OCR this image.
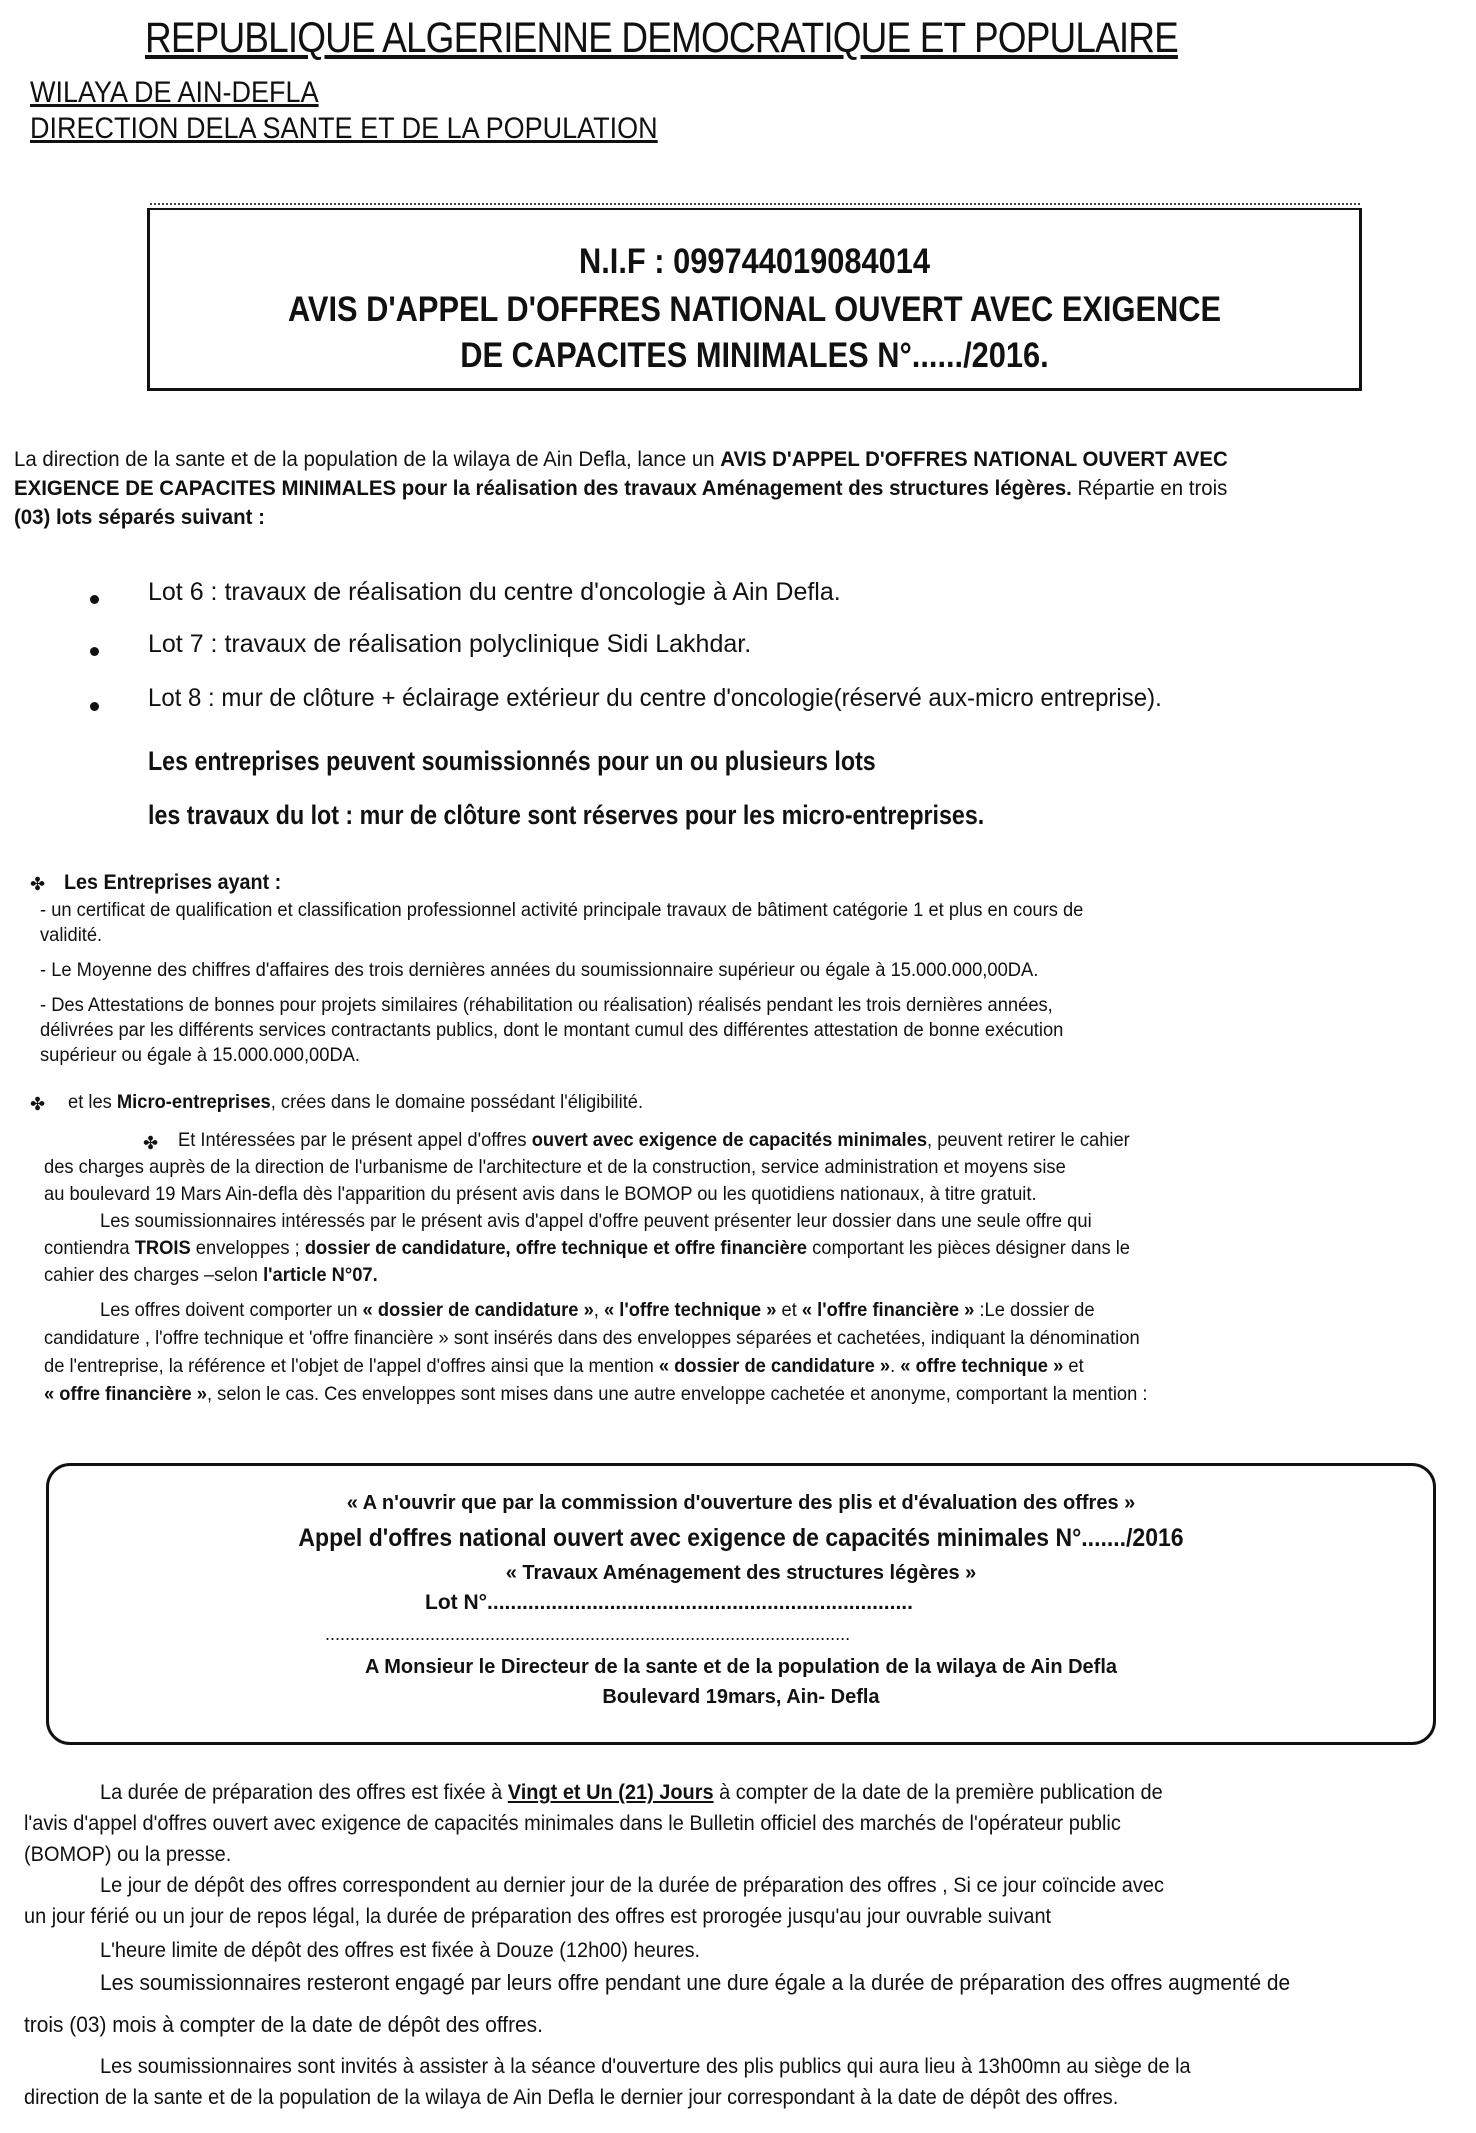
REPUBLIQUE ALGERIENNE DEMOCRATIQUE ET POPULAIRE
WILAYA DE AIN-DEFLA
DIRECTION DELA SANTE ET DE LA POPULATION
N.I.F : 099744019084014
AVIS D'APPEL D'OFFRES NATIONAL OUVERT AVEC EXIGENCE
DE CAPACITES MINIMALES N°....../2016.
La direction de la sante et de la population de la wilaya de Ain Defla, lance un AVIS D'APPEL D'OFFRES NATIONAL OUVERT AVEC
EXIGENCE DE CAPACITES MINIMALES pour la réalisation des travaux Aménagement des structures légères. Répartie en trois
(03) lots séparés suivant :
Lot 6 : travaux de réalisation du centre d'oncologie à Ain Defla.
Lot 7 : travaux de réalisation polyclinique Sidi Lakhdar.
Lot 8 : mur de clôture + éclairage extérieur du centre d'oncologie(réservé aux-micro entreprise).
Les entreprises peuvent soumissionnés pour un ou plusieurs lots
les travaux du lot : mur de clôture sont réserves pour les micro-entreprises.
✤ Les Entreprises ayant :
- un certificat de qualification et classification professionnel activité principale travaux de bâtiment catégorie 1 et plus en cours de
validité.
- Le Moyenne des chiffres d'affaires des trois dernières années du soumissionnaire supérieur ou égale à 15.000.000,00DA.
- Des Attestations de bonnes pour projets similaires (réhabilitation ou réalisation) réalisés pendant les trois dernières années,
délivrées par les différents services contractants publics, dont le montant cumul des différentes attestation de bonne exécution
supérieur ou égale à 15.000.000,00DA.
✤ et les Micro-entreprises, crées dans le domaine possédant l'éligibilité.
✤ Et Intéressées par le présent appel d'offres ouvert avec exigence de capacités minimales, peuvent retirer le cahier
des charges auprès de la direction de l'urbanisme de l'architecture et de la construction, service administration et moyens sise
au boulevard 19 Mars Ain-defla dès l'apparition du présent avis dans le BOMOP ou les quotidiens nationaux, à titre gratuit.
Les soumissionnaires intéressés par le présent avis d'appel d'offre peuvent présenter leur dossier dans une seule offre qui
contiendra TROIS enveloppes ; dossier de candidature, offre technique et offre financière comportant les pièces désigner dans le
cahier des charges –selon l'article N°07.
Les offres doivent comporter un « dossier de candidature », « l'offre technique » et « l'offre financière » :Le dossier de
candidature , l'offre technique et 'offre financière » sont insérés dans des enveloppes séparées et cachetées, indiquant la dénomination
de l'entreprise, la référence et l'objet de l'appel d'offres ainsi que la mention « dossier de candidature ». « offre technique » et
« offre financière », selon le cas. Ces enveloppes sont mises dans une autre enveloppe cachetée et anonyme, comportant la mention :
« A n'ouvrir que par la commission d'ouverture des plis et d'évaluation des offres »
Appel d'offres national ouvert avec exigence de capacités minimales N°......./2016
« Travaux Aménagement des structures légères »
Lot N°.........................................................................
.........................................................................................................
A Monsieur le Directeur de la sante et de la population de la wilaya de Ain Defla
Boulevard 19mars, Ain- Defla
La durée de préparation des offres est fixée à Vingt et Un (21) Jours à compter de la date de la première publication de
l'avis d'appel d'offres ouvert avec exigence de capacités minimales dans le Bulletin officiel des marchés de l'opérateur public
(BOMOP) ou la presse.
Le jour de dépôt des offres correspondent au dernier jour de la durée de préparation des offres , Si ce jour coïncide avec
un jour férié ou un jour de repos légal, la durée de préparation des offres est prorogée jusqu'au jour ouvrable suivant
L'heure limite de dépôt des offres est fixée à Douze (12h00) heures.
Les soumissionnaires resteront engagé par leurs offre pendant une dure égale a la durée de préparation des offres augmenté de
trois (03) mois à compter de la date de dépôt des offres.
Les soumissionnaires sont invités à assister à la séance d'ouverture des plis publics qui aura lieu à 13h00mn au siège de la
direction de la sante et de la population de la wilaya de Ain Defla le dernier jour correspondant à la date de dépôt des offres.
